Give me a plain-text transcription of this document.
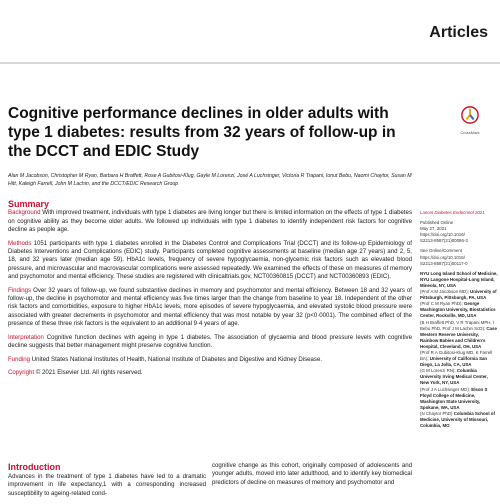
Articles
Cognitive performance declines in older adults with type 1 diabetes: results from 32 years of follow-up in the DCCT and EDIC Study
CrossMark
Alan M Jacobson, Christopher M Ryan, Barbara H Braffett, Rose A Gubitosi-Klug, Gayle M Lorenzi, José A Luchsinger, Victoria R Trapani, Ionut Bebu, Naomi Chaytor, Susan M Hitt, Kaleigh Farrell, John M Lachin, and the DCCT/EDIC Research Group
Summary

Background With improved treatment, individuals with type 1 diabetes are living longer but there is limited information on the effects of type 1 diabetes on cognitive ability as they become older adults. We followed up individuals with type 1 diabetes to identify independent risk factors for cognitive decline as people age.

Methods 1051 participants with type 1 diabetes enrolled in the Diabetes Control and Complications Trial (DCCT) and its follow-up Epidemiology of Diabetes Interventions and Complications (EDIC) study. Participants completed cognitive assessments at baseline (median age 27 years) and 2, 5, 18, and 32 years later (median age 59). HbA1c levels, frequency of severe hypoglycaemia, non-glycemic risk factors such as elevated blood pressure, and microvascular and macrovascular complications were assessed repeatedly. We examined the effects of these on measures of memory and psychomotor and mental efficiency. These studies are registered with clinicaltrials.gov, NCT00360815 (DCCT) and NCT00360893 (EDIC).

Findings Over 32 years of follow-up, we found substantive declines in memory and psychomotor and mental efficiency. Between 18 and 32 years of follow-up, the decline in psychomotor and mental efficiency was five times larger than the change from baseline to year 18. Independent of the other risk factors and comorbidities, exposure to higher HbA1c levels, more episodes of severe hypoglycaemia, and elevated systolic blood pressure were associated with greater decrements in psychomotor and mental efficiency that was most notable by year 32 (p<0·0001). The combined effect of the presence of these three risk factors is the equivalent to an additional 9·4 years of age.

Interpretation Cognitive function declines with ageing in type 1 diabetes. The association of glycaemia and blood pressure levels with cognitive decline suggests that better management might preserve cognitive function.

Funding United States National Institutes of Health, National Institute of Diabetes and Digestive and Kidney Disease.

Copyright © 2021 Elsevier Ltd. All rights reserved.

Lancet Diabetes Endocrinol 2021

Published Online
May 27, 2021
https://doi.org/10.1016/
S2213-8587(21)00086-3

See Online/Comment
https://doi.org/10.1016/
S2213-8587(21)00117-0

NYU Long Island School of Medicine, NYU Langone Hospital-Long Island, Mineola, NY, USA
(Prof A M Jacobson MD); University of Pittsburgh, Pittsburgh, PA, USA
(Prof C M Ryan PhD); George Washington University, Biostatistics Center, Rockville, MD, USA
(B H Braffett PhD, V R Trapani MPH, I Bebu PhD, Prof J M Lachin ScD); Case Western Reserve University, Rainbow Babies and Children's Hospital, Cleveland, OH, USA
(Prof R A Gubitosi-Klug MD, K Farrell BA); University of California San Diego, La Jolla, CA, USA
(G M Lorenzi RN); Columbia University Irving Medical Center, New York, NY, USA
(Prof J A Luchsinger MD); Elson S Floyd College of Medicine, Washington State University, Spokane, WA, USA
(N Chaytor PhD) Columbia School of Medicine, University of Missouri, Columbia, MO
Introduction
Advances in the treatment of type 1 diabetes have led to a dramatic improvement in life expectancy,1 with a corresponding increased susceptibility to ageing-related cond-
cognitive change as this cohort, originally composed of adolescents and younger adults, moved into later adulthood, and to identify key biomedical predictors of decline on measures of memory and psychomotor and
